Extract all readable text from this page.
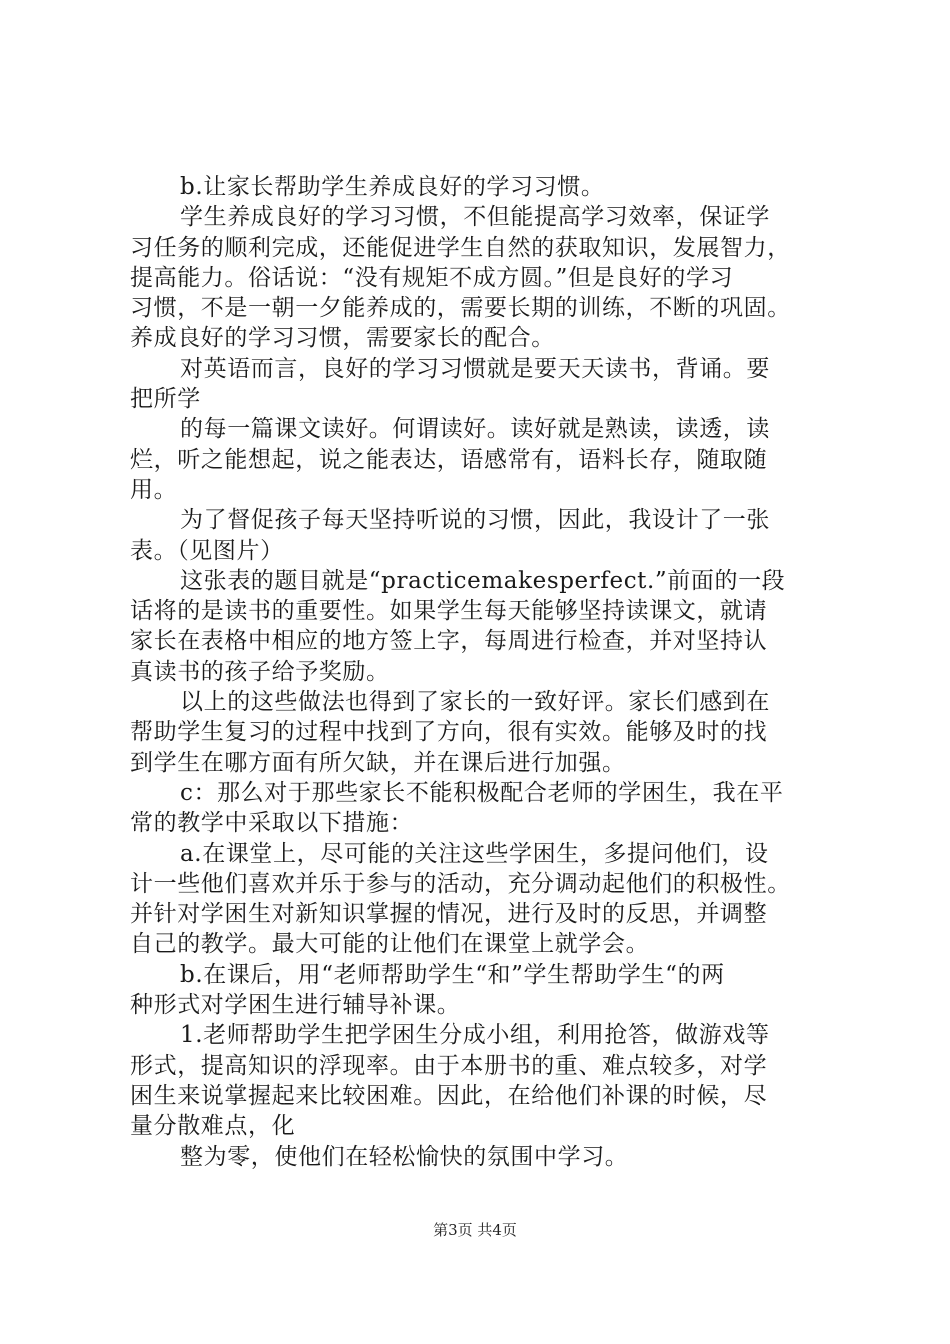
b.让家长帮助学生养成良好的学习习惯。
学生养成良好的学习习惯，不但能提高学习效率，保证学
习任务的顺利完成，还能促进学生自然的获取知识，发展智力，
提高能力。俗话说：“没有规矩不成方圆。”但是良好的学习
习惯，不是一朝一夕能养成的，需要长期的训练，不断的巩固。
养成良好的学习习惯，需要家长的配合。
对英语而言，良好的学习习惯就是要天天读书，背诵。要
把所学
的每一篇课文读好。何谓读好。读好就是熟读，读透，读
烂，听之能想起，说之能表达，语感常有，语料长存，随取随
用。
为了督促孩子每天坚持听说的习惯，因此，我设计了一张
表。（见图片）
这张表的题目就是“practicemakesperfect.”前面的一段
话将的是读书的重要性。如果学生每天能够坚持读课文，就请
家长在表格中相应的地方签上字，每周进行检查，并对坚持认
真读书的孩子给予奖励。
以上的这些做法也得到了家长的一致好评。家长们感到在
帮助学生复习的过程中找到了方向，很有实效。能够及时的找
到学生在哪方面有所欠缺，并在课后进行加强。
c：那么对于那些家长不能积极配合老师的学困生，我在平
常的教学中采取以下措施：
a.在课堂上，尽可能的关注这些学困生，多提问他们，设
计一些他们喜欢并乐于参与的活动，充分调动起他们的积极性。
并针对学困生对新知识掌握的情况，进行及时的反思，并调整
自己的教学。最大可能的让他们在课堂上就学会。
b.在课后，用“老师帮助学生“和”学生帮助学生“的两
种形式对学困生进行辅导补课。
1.老师帮助学生把学困生分成小组，利用抢答，做游戏等
形式，提高知识的浮现率。由于本册书的重、难点较多，对学
困生来说掌握起来比较困难。因此，在给他们补课的时候，尽
量分散难点，化
整为零，使他们在轻松愉快的氛围中学习。
第3页 共4页
